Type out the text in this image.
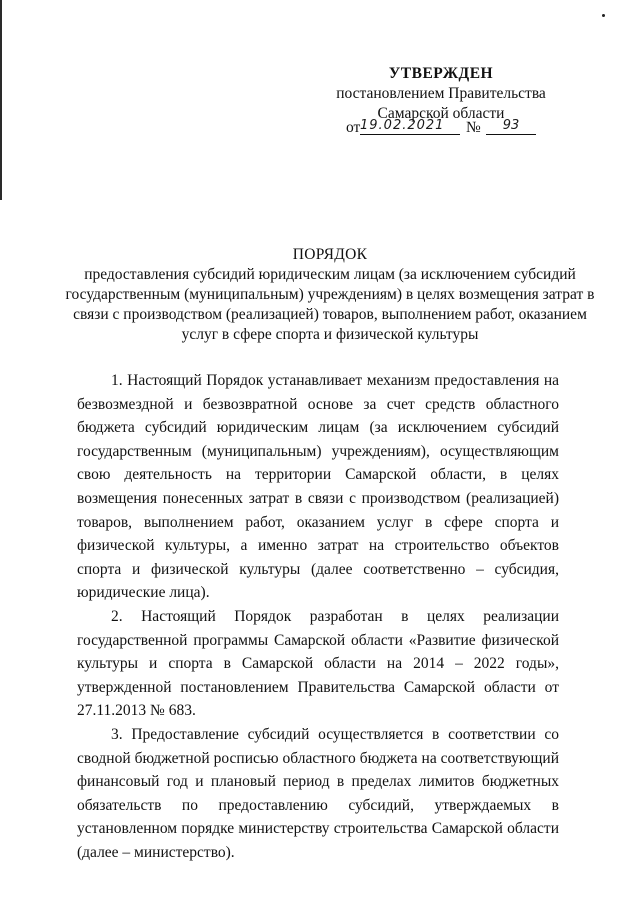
УТВЕРЖДЕН
постановлением Правительства
Самарской области
от 19.02.2021	№	93
ПОРЯДОК
предоставления субсидий юридическим лицам (за исключением субсидий государственным (муниципальным) учреждениям) в целях возмещения затрат в связи с производством (реализацией) товаров, выполнением работ, оказанием услуг в сфере спорта и физической культуры

1. Настоящий Порядок устанавливает механизм предоставления на безвозмездной и безвозвратной основе за счет средств областного бюджета субсидий юридическим лицам (за исключением субсидий государственным (муниципальным) учреждениям), осуществляющим свою деятельность на территории Самарской области, в целях возмещения понесенных затрат в связи с производством (реализацией) товаров, выполнением работ, оказанием услуг в сфере спорта и физической культуры, а именно затрат на строительство объектов спорта и физической культуры (далее соответственно – субсидия, юридические лица).

2. Настоящий Порядок разработан в целях реализации государственной программы Самарской области «Развитие физической культуры и спорта в Самарской области на 2014 – 2022 годы», утвержденной постановлением Правительства Самарской области от 27.11.2013 № 683.

3. Предоставление субсидий осуществляется в соответствии со сводной бюджетной росписью областного бюджета на соответствующий финансовый год и плановый период в пределах лимитов бюджетных обязательств по предоставлению субсидий, утверждаемых в установленном порядке министерству строительства Самарской области (далее – министерство).
